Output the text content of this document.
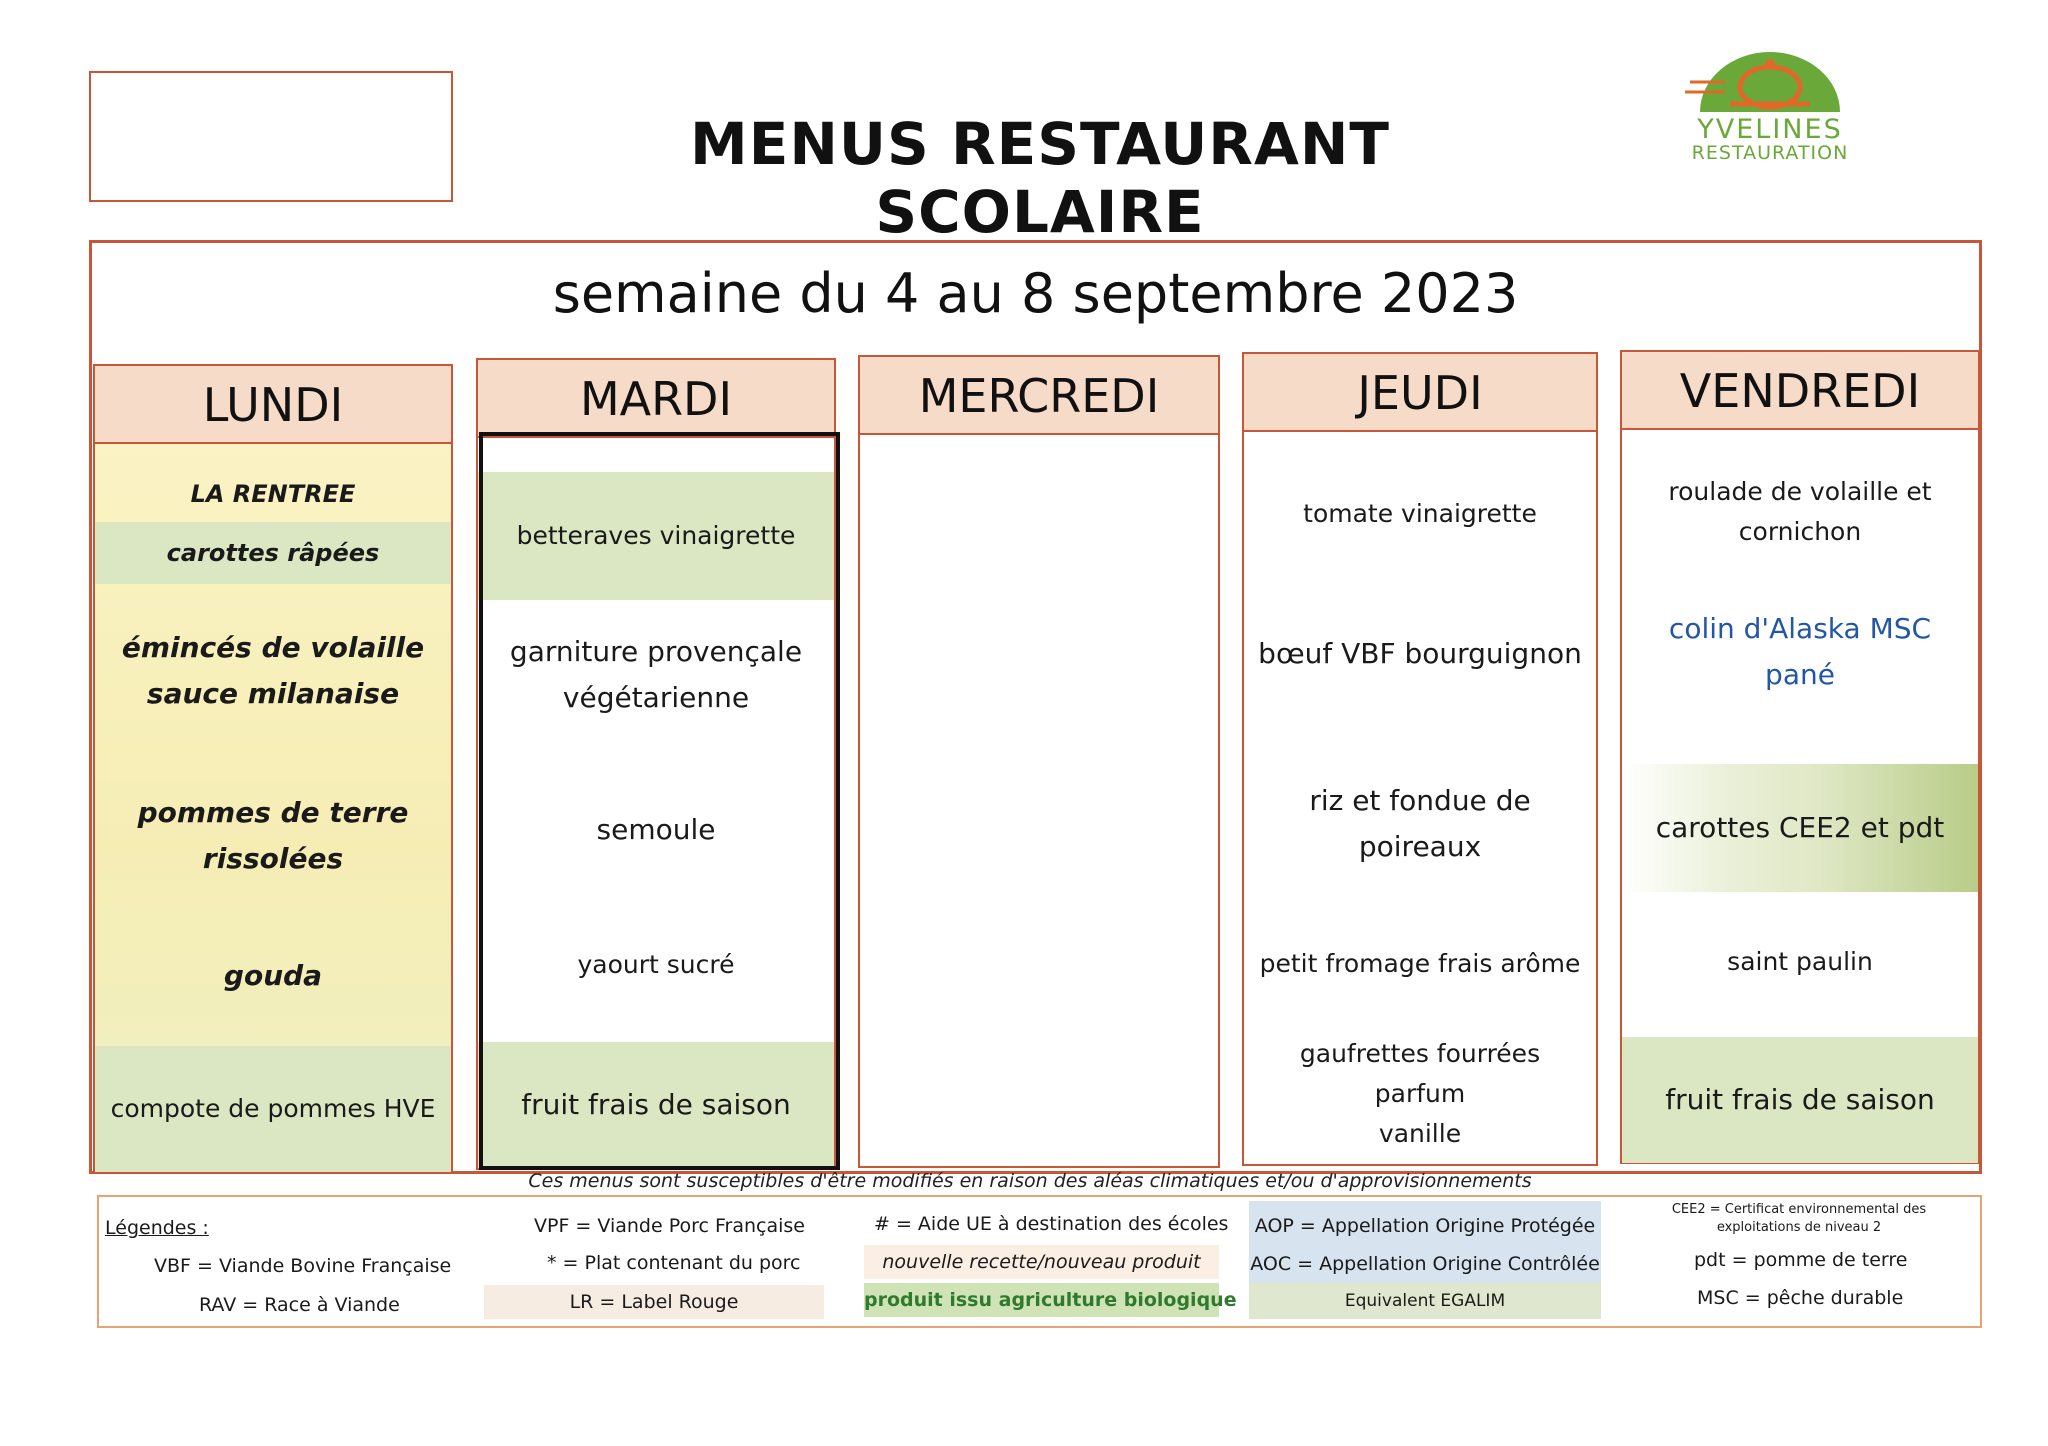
MENUS RESTAURANT SCOLAIRE
YVELINES
RESTAURATION
semaine du 4 au 8 septembre 2023
LUNDI
LA RENTREE
carottes râpées
émincés de volaille
sauce milanaise
pommes de terre
rissolées
gouda
compote de pommes HVE
MARDI
betteraves vinaigrette
garniture provençale
végétarienne
semoule
yaourt sucré
fruit frais de saison
MERCREDI	JEUDI
tomate vinaigrette
bœuf VBF bourguignon
riz et fondue de poireaux
petit fromage frais arôme
gaufrettes fourrées parfum
vanille
VENDREDI
roulade de volaille et
cornichon
colin d'Alaska MSC pané
carottes CEE2 et pdt
saint paulin
fruit frais de saison
Ces menus sont susceptibles d'être modifiés en raison des aléas climatiques et/ou d'approvisionnements
Légendes :
VBF = Viande Bovine Française
RAV = Race à Viande
VPF = Viande Porc Française
* = Plat contenant du porc
LR = Label Rouge
# = Aide UE à destination des écoles
nouvelle recette/nouveau produit
produit issu agriculture biologique
AOP = Appellation Origine Protégée
AOC = Appellation Origine Contrôlée
Equivalent EGALIM
CEE2 = Certificat environnemental des exploitations de niveau 2
pdt = pomme de terre
MSC = pêche durable
